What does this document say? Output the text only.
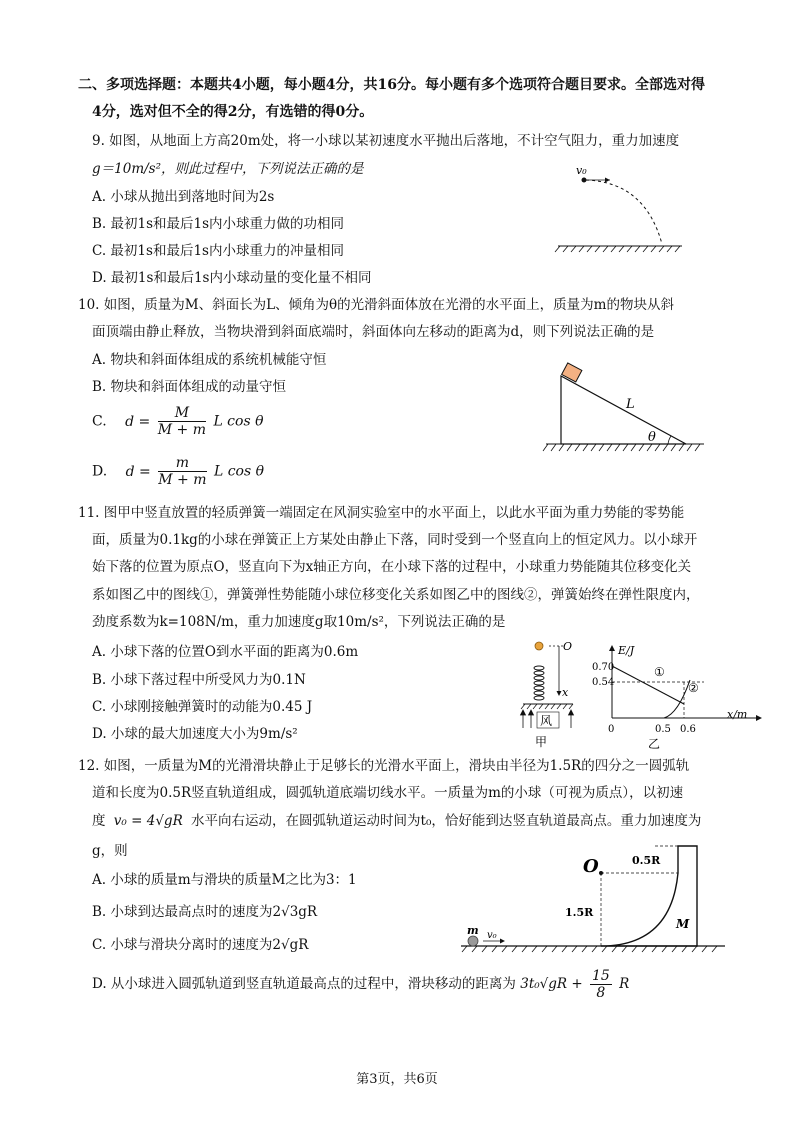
二、多项选择题：本题共4小题，每小题4分，共16分。每小题有多个选项符合题目要求。全部选对得
4分，选对但不全的得2分，有选错的得0分。
9. 如图，从地面上方高20m处，将一小球以某初速度水平抛出后落地，不计空气阻力，重力加速度
g＝10m/s²，则此过程中，下列说法正确的是
A. 小球从抛出到落地时间为2s
B. 最初1s和最后1s内小球重力做的功相同
C. 最初1s和最后1s内小球重力的冲量相同
D. 最初1s和最后1s内小球动量的变化量不相同
v₀
10. 如图，质量为M、斜面长为L、倾角为θ的光滑斜面体放在光滑的水平面上，质量为m的物块从斜
面顶端由静止释放，当物块滑到斜面底端时，斜面体向左移动的距离为d，则下列说法正确的是
A. 物块和斜面体组成的系统机械能守恒
B. 物块和斜面体组成的动量守恒
C. $d = \frac{M}{M + m}$ L cos θ
D. $d = \frac{m}{M + m}$ L cos θ
L
θ
11. 图甲中竖直放置的轻质弹簧一端固定在风洞实验室中的水平面上，以此水平面为重力势能的零势能
面，质量为0.1kg的小球在弹簧正上方某处由静止下落，同时受到一个竖直向上的恒定风力。以小球开
始下落的位置为原点O，竖直向下为x轴正方向，在小球下落的过程中，小球重力势能随其位移变化关
系如图乙中的图线①，弹簧弹性势能随小球位移变化关系如图乙中的图线②，弹簧始终在弹性限度内，
劲度系数为k=108N/m，重力加速度g取10m/s²，下列说法正确的是
A. 小球下落的位置O到水平面的距离为0.6m
B. 小球下落过程中所受风力为0.1N
C. 小球刚接触弹簧时的动能为0.45 J
D. 小球的最大加速度大小为9m/s²
O
x
风
甲
E/J
x/m
0.70
0.54
0	0.5 0.6
①
②
乙
12. 如图，一质量为M的光滑滑块静止于足够长的光滑水平面上，滑块由半径为1.5R的四分之一圆弧轨
道和长度为0.5R竖直轨道组成，圆弧轨道底端切线水平。一质量为m的小球（可视为质点），以初速
度 v₀ = 4√gR 水平向右运动，在圆弧轨道运动时间为t₀，恰好能到达竖直轨道最高点。重力加速度为
g，则
A. 小球的质量m与滑块的质量M之比为3：1
B. 小球到达最高点时的速度为2√3gR
C. 小球与滑块分离时的速度为2√gR
D. 从小球进入圆弧轨道到竖直轨道最高点的过程中，滑块移动的距离为 $3t_0√gR + \frac{15}{8}$ R
O	0.5R
1.5R
M
m v₀
第3页，共6页
